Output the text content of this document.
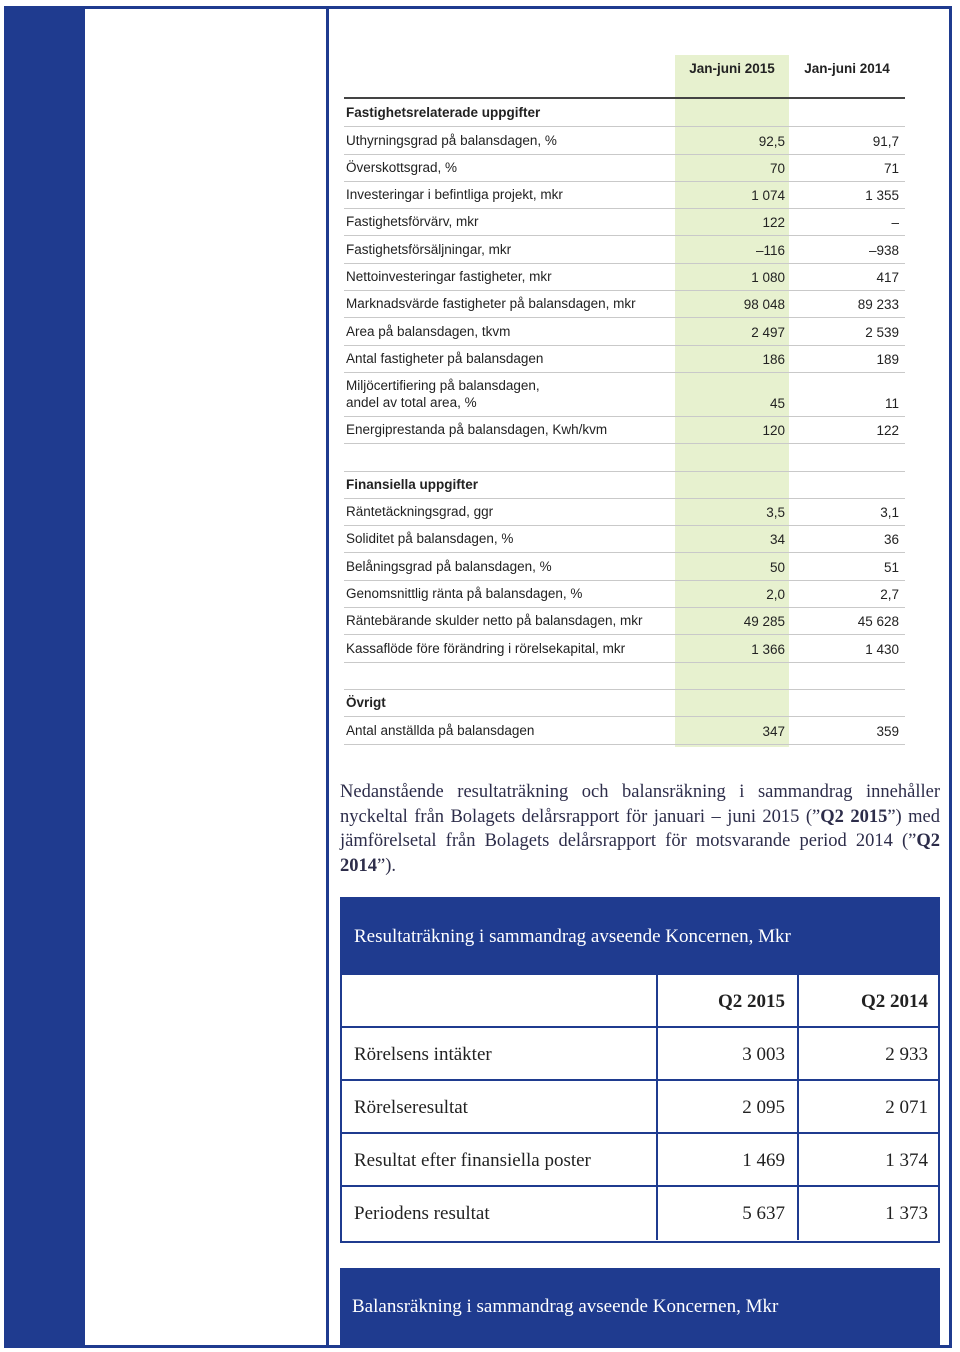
Jan-juni 2015	Jan-juni 2014
Fastighetsrelaterade uppgifter
Uthyrningsgrad på balansdagen, %	92,5	91,7
Överskottsgrad, %	70	71
Investeringar i befintliga projekt, mkr	1 074	1 355
Fastighetsförvärv, mkr	122	–
Fastighetsförsäljningar, mkr	–116	–938
Nettoinvesteringar fastigheter, mkr	1 080	417
Marknadsvärde fastigheter på balansdagen, mkr	98 048	89 233
Area på balansdagen, tkvm	2 497	2 539
Antal fastigheter på balansdagen	186	189
Miljöcertifiering på balansdagen, andel av total area, %	45	11
Energiprestanda på balansdagen, Kwh/kvm	120	122
Finansiella uppgifter
Räntetäckningsgrad, ggr	3,5	3,1
Soliditet på balansdagen, %	34	36
Belåningsgrad på balansdagen, %	50	51
Genomsnittlig ränta på balansdagen, %	2,0	2,7
Räntebärande skulder netto på balansdagen, mkr	49 285	45 628
Kassaflöde före förändring i rörelsekapital, mkr	1 366	1 430
Övrigt
Antal anställda på balansdagen	347	359
Nedanstående resultaträkning och balansräkning i sammandrag innehåller nyckeltal från Bolagets delårsrapport för januari – juni 2015 (”Q2 2015”) med jämförelsetal från Bolagets delårsrapport för motsvarande period 2014 (”Q2 2014”).
Resultaträkning i sammandrag avseende Koncernen, Mkr
Q2 2015	Q2 2014
Rörelsens intäkter	3 003	2 933
Rörelseresultat	2 095	2 071
Resultat efter finansiella poster	1 469	1 374
Periodens resultat	5 637	1 373
Balansräkning i sammandrag avseende Koncernen, Mkr
